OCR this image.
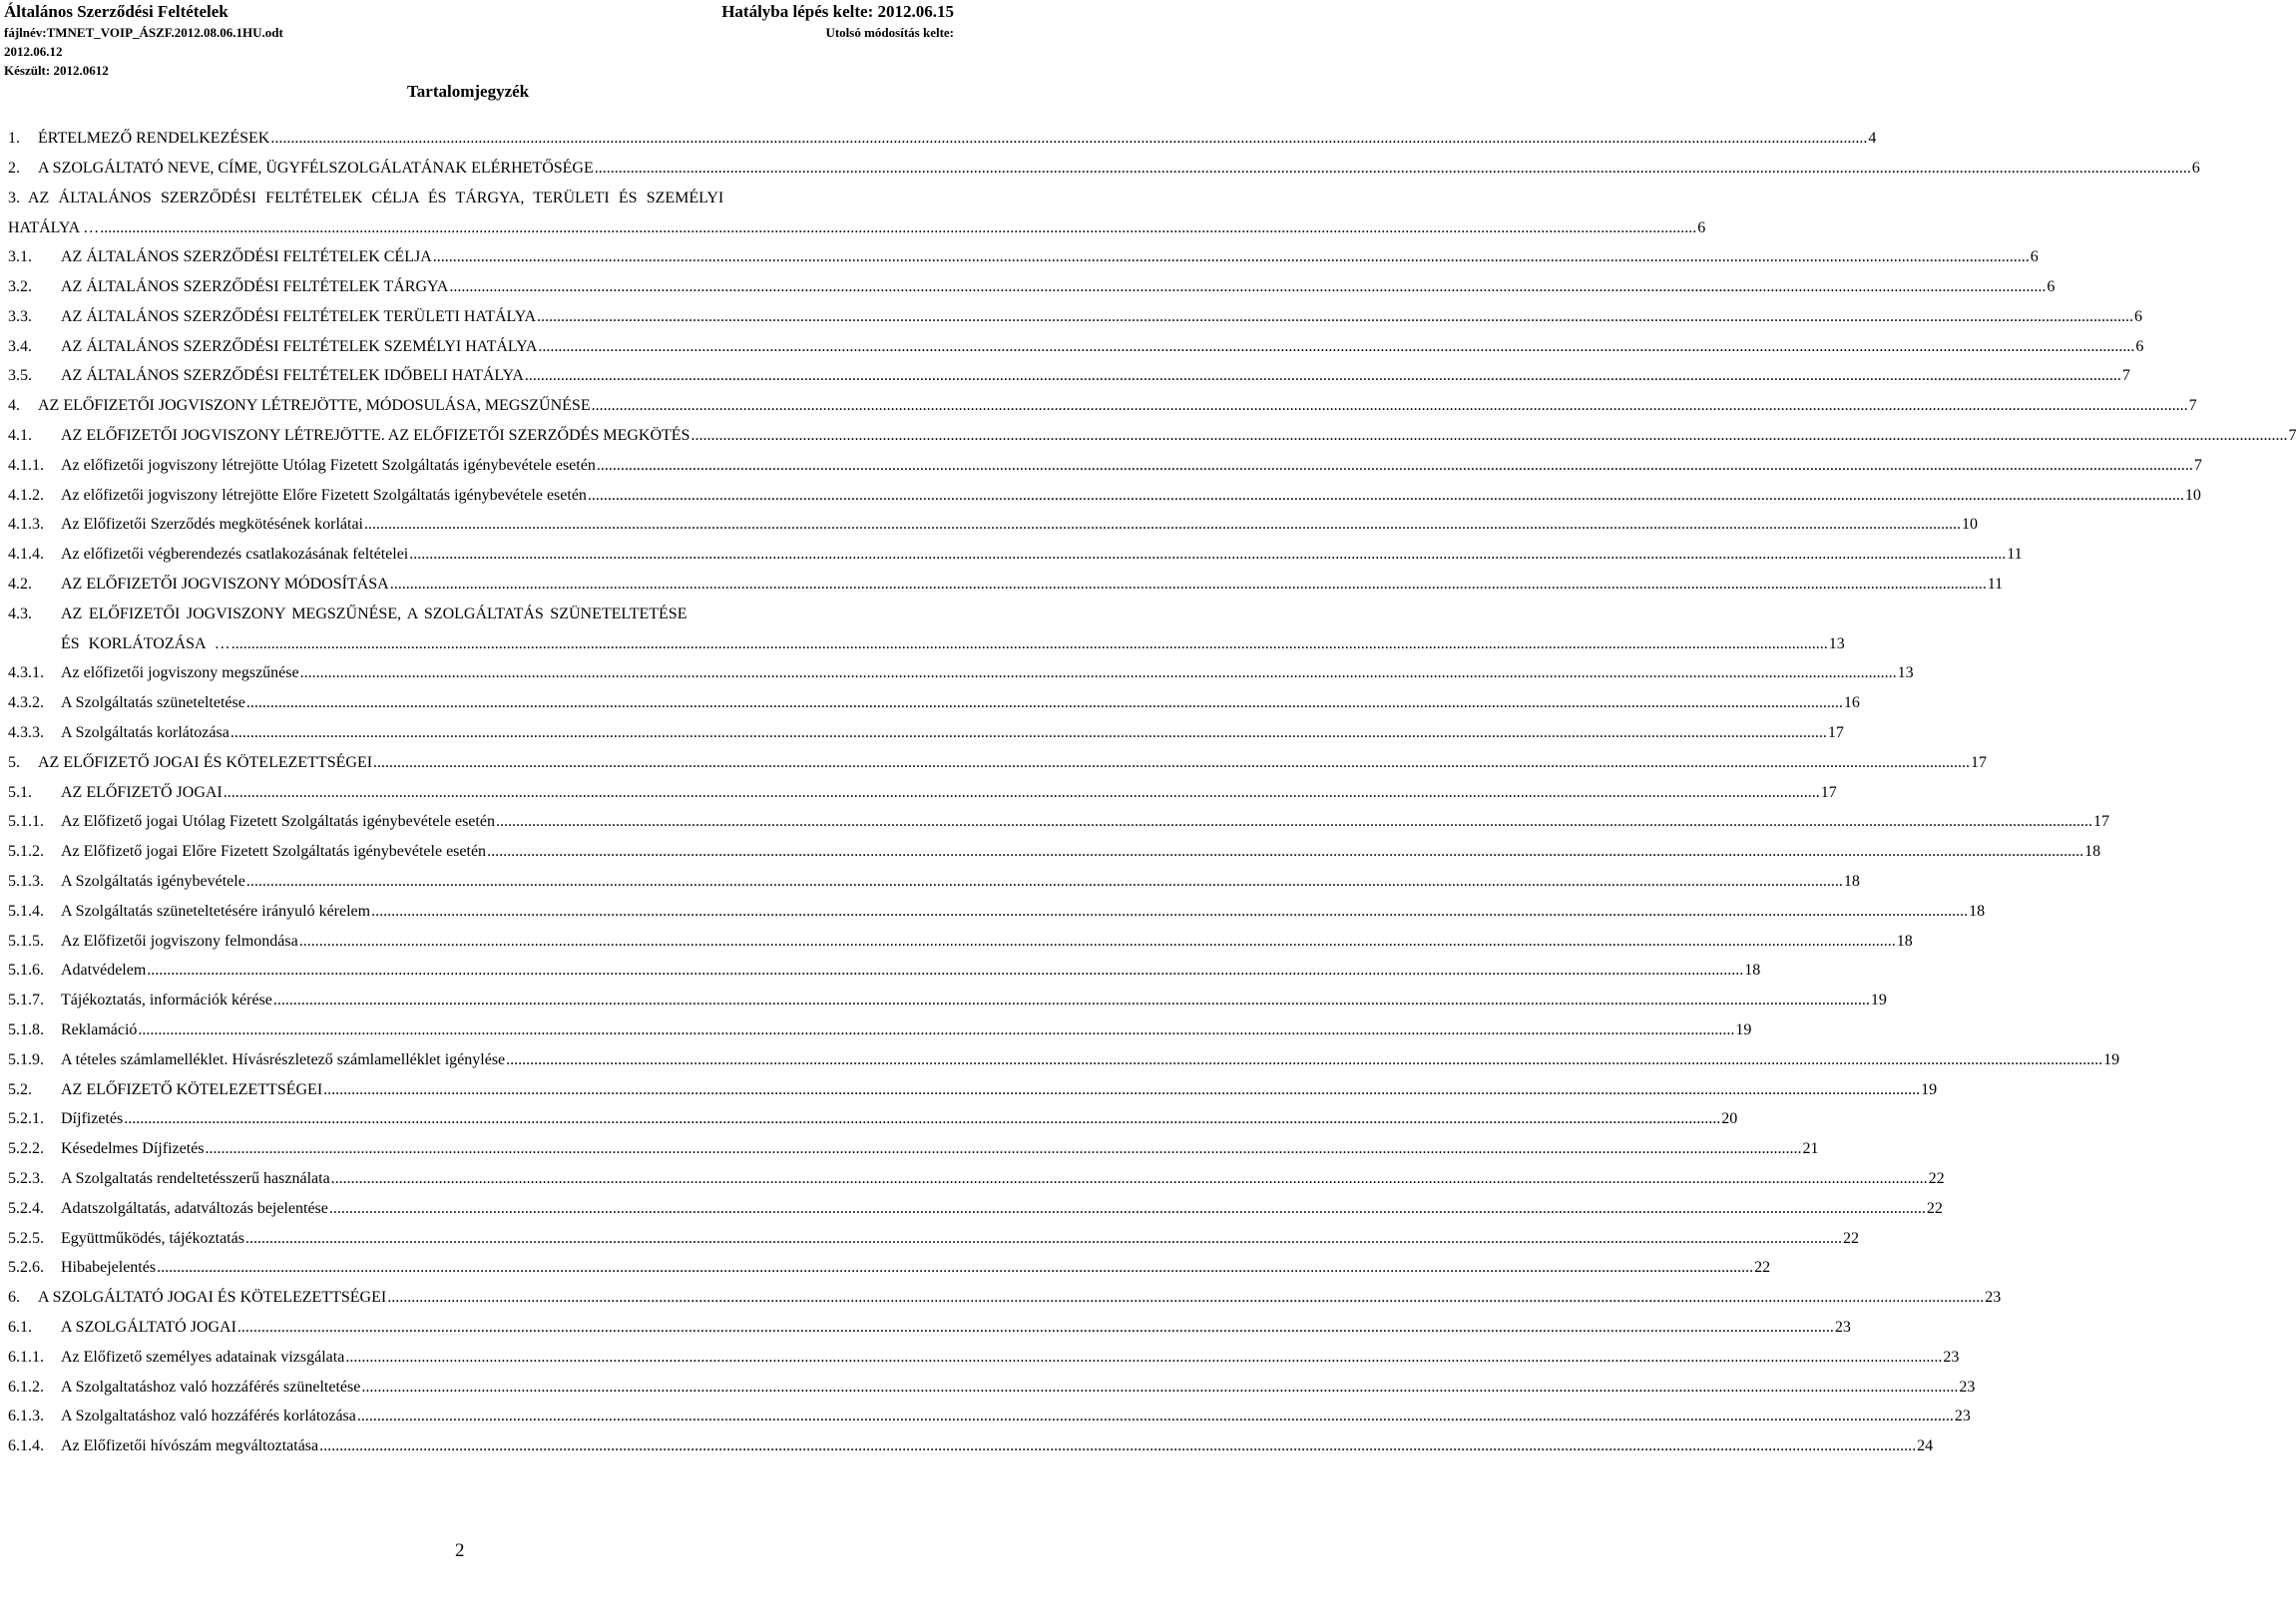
Általános Szerződési Feltételek	Hatályba lépés kelte: 2012.06.15
fájlnév:TMNET_VOIP_ÁSZF.2012.08.06.1HU.odt	Utolsó módosítás kelte:
2012.06.12
Készült: 2012.0612
Tartalomjegyzék
1.	ÉRTELMEZŐ RENDELKEZÉSEK ................................................................................................................................................................................................................................................................................................................................................................................................................ 4
2.	A SZOLGÁLTATÓ NEVE, CÍME, ÜGYFÉLSZOLGÁLATÁNAK ELÉRHETŐSÉGE ................................................................................................................................................................................................................................................................................................................................................................................................................ 6
3. AZ ÁLTALÁNOS SZERZŐDÉSI FELTÉTELEK CÉLJA ÉS TÁRGYA, TERÜLETI ÉS SZEMÉLYI
HATÁLYA … ................................................................................................................................................................................................................................................................................................................................................................................................................ 6
3.1.	AZ ÁLTALÁNOS SZERZŐDÉSI FELTÉTELEK CÉLJA ................................................................................................................................................................................................................................................................................................................................................................................................................ 6
3.2.	AZ ÁLTALÁNOS SZERZŐDÉSI FELTÉTELEK TÁRGYA ................................................................................................................................................................................................................................................................................................................................................................................................................ 6
3.3.	AZ ÁLTALÁNOS SZERZŐDÉSI FELTÉTELEK TERÜLETI HATÁLYA ................................................................................................................................................................................................................................................................................................................................................................................................................ 6
3.4.	AZ ÁLTALÁNOS SZERZŐDÉSI FELTÉTELEK SZEMÉLYI HATÁLYA ................................................................................................................................................................................................................................................................................................................................................................................................................ 6
3.5.	AZ ÁLTALÁNOS SZERZŐDÉSI FELTÉTELEK IDŐBELI HATÁLYA ................................................................................................................................................................................................................................................................................................................................................................................................................ 7
4.	AZ ELŐFIZETŐI JOGVISZONY LÉTREJÖTTE, MÓDOSULÁSA, MEGSZŰNÉSE ................................................................................................................................................................................................................................................................................................................................................................................................................ 7
4.1.	AZ ELŐFIZETŐI JOGVISZONY LÉTREJÖTTE. AZ ELŐFIZETŐI SZERZŐDÉS MEGKÖTÉS ................................................................................................................................................................................................................................................................................................................................................................................................................ 7
4.1.1.	Az előfizetői jogviszony létrejötte Utólag Fizetett Szolgáltatás igénybevétele esetén ................................................................................................................................................................................................................................................................................................................................................................................................................ 7
4.1.2.	Az előfizetői jogviszony létrejötte Előre Fizetett Szolgáltatás igénybevétele esetén ................................................................................................................................................................................................................................................................................................................................................................................................................ 10
4.1.3.	Az Előfizetői Szerződés megkötésének korlátai ................................................................................................................................................................................................................................................................................................................................................................................................................ 10
4.1.4.	Az előfizetői végberendezés csatlakozásának feltételei ................................................................................................................................................................................................................................................................................................................................................................................................................ 11
4.2.	AZ ELŐFIZETŐI JOGVISZONY MÓDOSÍTÁSA ................................................................................................................................................................................................................................................................................................................................................................................................................ 11
4.3. AZ ELŐFIZETŐI JOGVISZONY MEGSZŰNÉSE, A SZOLGÁLTATÁS SZÜNETELTETÉSE
ÉS KORLÁTOZÁSA … ................................................................................................................................................................................................................................................................................................................................................................................................................ 13
4.3.1.	Az előfizetői jogviszony megszűnése ................................................................................................................................................................................................................................................................................................................................................................................................................ 13
4.3.2.	A Szolgáltatás szüneteltetése ................................................................................................................................................................................................................................................................................................................................................................................................................ 16
4.3.3.	A Szolgáltatás korlátozása ................................................................................................................................................................................................................................................................................................................................................................................................................ 17
5.	AZ ELŐFIZETŐ JOGAI ÉS KÖTELEZETTSÉGEI ................................................................................................................................................................................................................................................................................................................................................................................................................ 17
5.1.	AZ ELŐFIZETŐ JOGAI ................................................................................................................................................................................................................................................................................................................................................................................................................ 17
5.1.1.	Az Előfizető jogai Utólag Fizetett Szolgáltatás igénybevétele esetén ................................................................................................................................................................................................................................................................................................................................................................................................................ 17
5.1.2.	Az Előfizető jogai Előre Fizetett Szolgáltatás igénybevétele esetén ................................................................................................................................................................................................................................................................................................................................................................................................................ 18
5.1.3.	A Szolgáltatás igénybevétele ................................................................................................................................................................................................................................................................................................................................................................................................................ 18
5.1.4.	A Szolgáltatás szüneteltetésére irányuló kérelem ................................................................................................................................................................................................................................................................................................................................................................................................................ 18
5.1.5.	Az Előfizetői jogviszony felmondása ................................................................................................................................................................................................................................................................................................................................................................................................................ 18
5.1.6.	Adatvédelem ................................................................................................................................................................................................................................................................................................................................................................................................................ 18
5.1.7.	Tájékoztatás, információk kérése ................................................................................................................................................................................................................................................................................................................................................................................................................ 19
5.1.8.	Reklamáció ................................................................................................................................................................................................................................................................................................................................................................................................................ 19
5.1.9.	A tételes számlamelléklet. Hívásrészletező számlamelléklet igénylése ................................................................................................................................................................................................................................................................................................................................................................................................................ 19
5.2.	AZ ELŐFIZETŐ KÖTELEZETTSÉGEI ................................................................................................................................................................................................................................................................................................................................................................................................................ 19
5.2.1.	Díjfizetés ................................................................................................................................................................................................................................................................................................................................................................................................................ 20
5.2.2.	Késedelmes Díjfizetés ................................................................................................................................................................................................................................................................................................................................................................................................................ 21
5.2.3.	A Szolgaltatás rendeltetésszerű használata ................................................................................................................................................................................................................................................................................................................................................................................................................ 22
5.2.4.	Adatszolgáltatás, adatváltozás bejelentése ................................................................................................................................................................................................................................................................................................................................................................................................................ 22
5.2.5.	Együttműködés, tájékoztatás ................................................................................................................................................................................................................................................................................................................................................................................................................ 22
5.2.6.	Hibabejelentés ................................................................................................................................................................................................................................................................................................................................................................................................................ 22
6.	A SZOLGÁLTATÓ JOGAI ÉS KÖTELEZETTSÉGEI ................................................................................................................................................................................................................................................................................................................................................................................................................ 23
6.1.	A SZOLGÁLTATÓ JOGAI ................................................................................................................................................................................................................................................................................................................................................................................................................ 23
6.1.1.	Az Előfizető személyes adatainak vizsgálata ................................................................................................................................................................................................................................................................................................................................................................................................................ 23
6.1.2.	A Szolgaltatáshoz való hozzáférés szüneltetése ................................................................................................................................................................................................................................................................................................................................................................................................................ 23
6.1.3.	A Szolgaltatáshoz való hozzáférés korlátozása ................................................................................................................................................................................................................................................................................................................................................................................................................ 23
6.1.4.	Az Előfizetői hívószám megváltoztatása ................................................................................................................................................................................................................................................................................................................................................................................................................ 24
2
